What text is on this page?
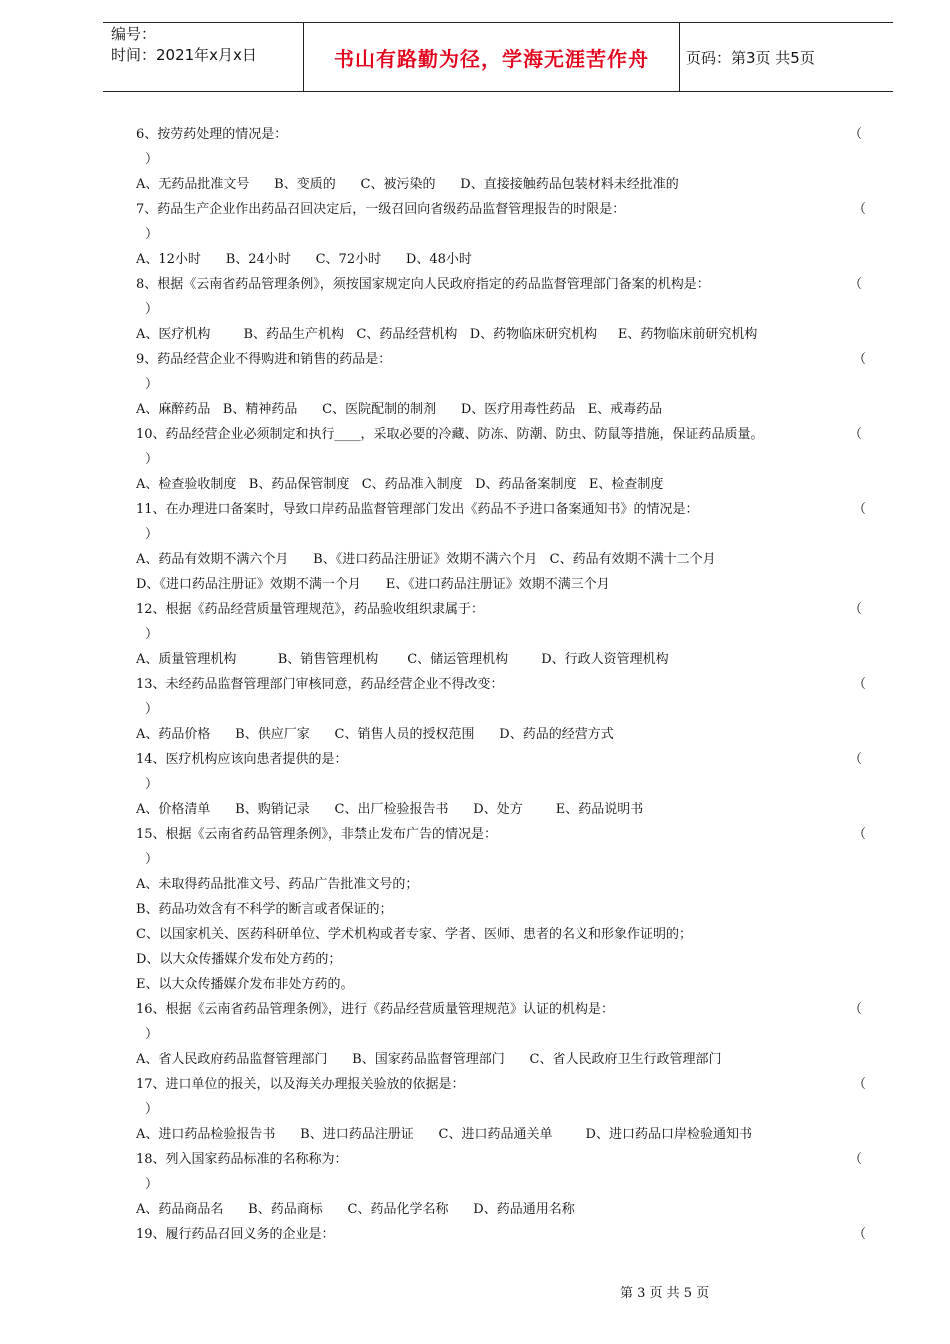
编号：
时间：2021年x月x日	书山有路勤为径，学海无涯苦作舟 页码：第3页 共5页
6、按劳药处理的情况是：	（
）
A、无药品批准文号      B、变质的      C、被污染的      D、直接接触药品包装材料未经批准的
7、药品生产企业作出药品召回决定后，一级召回向省级药品监督管理报告的时限是：	（
）
A、12小时      B、24小时      C、72小时      D、48小时
8、根据《云南省药品管理条例》，须按国家规定向人民政府指定的药品监督管理部门备案的机构是：	（
）
A、医疗机构        B、药品生产机构   C、药品经营机构   D、药物临床研究机构     E、药物临床前研究机构
9、药品经营企业不得购进和销售的药品是：	（
）
A、麻醉药品   B、精神药品      C、医院配制的制剂      D、医疗用毒性药品   E、戒毒药品
10、药品经营企业必须制定和执行____，采取必要的冷藏、防冻、防潮、防虫、防鼠等措施，保证药品质量。	（
）
A、检查验收制度   B、药品保管制度   C、药品准入制度   D、药品备案制度   E、检查制度
11、在办理进口备案时，导致口岸药品监督管理部门发出《药品不予进口备案通知书》的情况是：	（
）
A、药品有效期不满六个月      B、《进口药品注册证》效期不满六个月   C、药品有效期不满十二个月
D、《进口药品注册证》效期不满一个月      E、《进口药品注册证》效期不满三个月
12、根据《药品经营质量管理规范》，药品验收组织隶属于：	（
）
A、质量管理机构          B、销售管理机构       C、储运管理机构        D、行政人资管理机构
13、未经药品监督管理部门审核同意，药品经营企业不得改变：	（
）
A、药品价格      B、供应厂家      C、销售人员的授权范围      D、药品的经营方式
14、医疗机构应该向患者提供的是：	（
）
A、价格清单      B、购销记录      C、出厂检验报告书      D、处方        E、药品说明书
15、根据《云南省药品管理条例》，非禁止发布广告的情况是：	（
）
A、未取得药品批准文号、药品广告批准文号的；
B、药品功效含有不科学的断言或者保证的；
C、以国家机关、医药科研单位、学术机构或者专家、学者、医师、患者的名义和形象作证明的；
D、以大众传播媒介发布处方药的；
E、以大众传播媒介发布非处方药的。
16、根据《云南省药品管理条例》，进行《药品经营质量管理规范》认证的机构是：	（
）
A、省人民政府药品监督管理部门      B、国家药品监督管理部门      C、省人民政府卫生行政管理部门
17、进口单位的报关，以及海关办理报关验放的依据是：	（
）
A、进口药品检验报告书      B、进口药品注册证      C、进口药品通关单        D、进口药品口岸检验通知书
18、列入国家药品标准的名称称为：	（
）
A、药品商品名      B、药品商标      C、药品化学名称      D、药品通用名称
19、履行药品召回义务的企业是：	（
第 3 页 共 5 页
